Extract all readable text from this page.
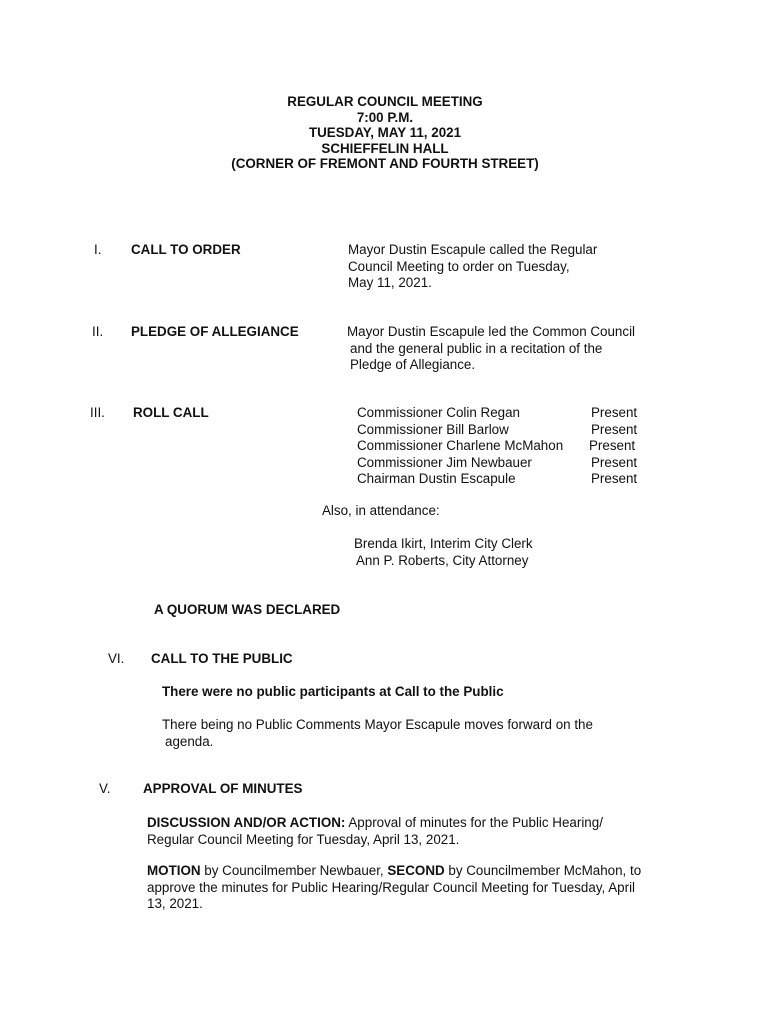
REGULAR COUNCIL MEETING
7:00 P.M.
TUESDAY, MAY 11, 2021
SCHIEFFELIN HALL
(CORNER OF FREMONT AND FOURTH STREET)
I. CALL TO ORDER	Mayor Dustin Escapule called the Regular
Council Meeting to order on Tuesday,
May 11, 2021.
II. PLEDGE OF ALLEGIANCE	Mayor Dustin Escapule led the Common Council
and the general public in a recitation of the
Pledge of Allegiance.
III. ROLL CALL	Commissioner Colin Regan	Present
Commissioner Bill Barlow	Present
Commissioner Charlene McMahon Present
Commissioner Jim Newbauer	Present
Chairman Dustin Escapule	Present
Also, in attendance:
Brenda Ikirt, Interim City Clerk
Ann P. Roberts, City Attorney
A QUORUM WAS DECLARED
VI. CALL TO THE PUBLIC
There were no public participants at Call to the Public
There being no Public Comments Mayor Escapule moves forward on the
agenda.
V. APPROVAL OF MINUTES
DISCUSSION AND/OR ACTION: Approval of minutes for the Public Hearing/
Regular Council Meeting for Tuesday, April 13, 2021.
MOTION by Councilmember Newbauer, SECOND by Councilmember McMahon, to
approve the minutes for Public Hearing/Regular Council Meeting for Tuesday, April
13, 2021.
